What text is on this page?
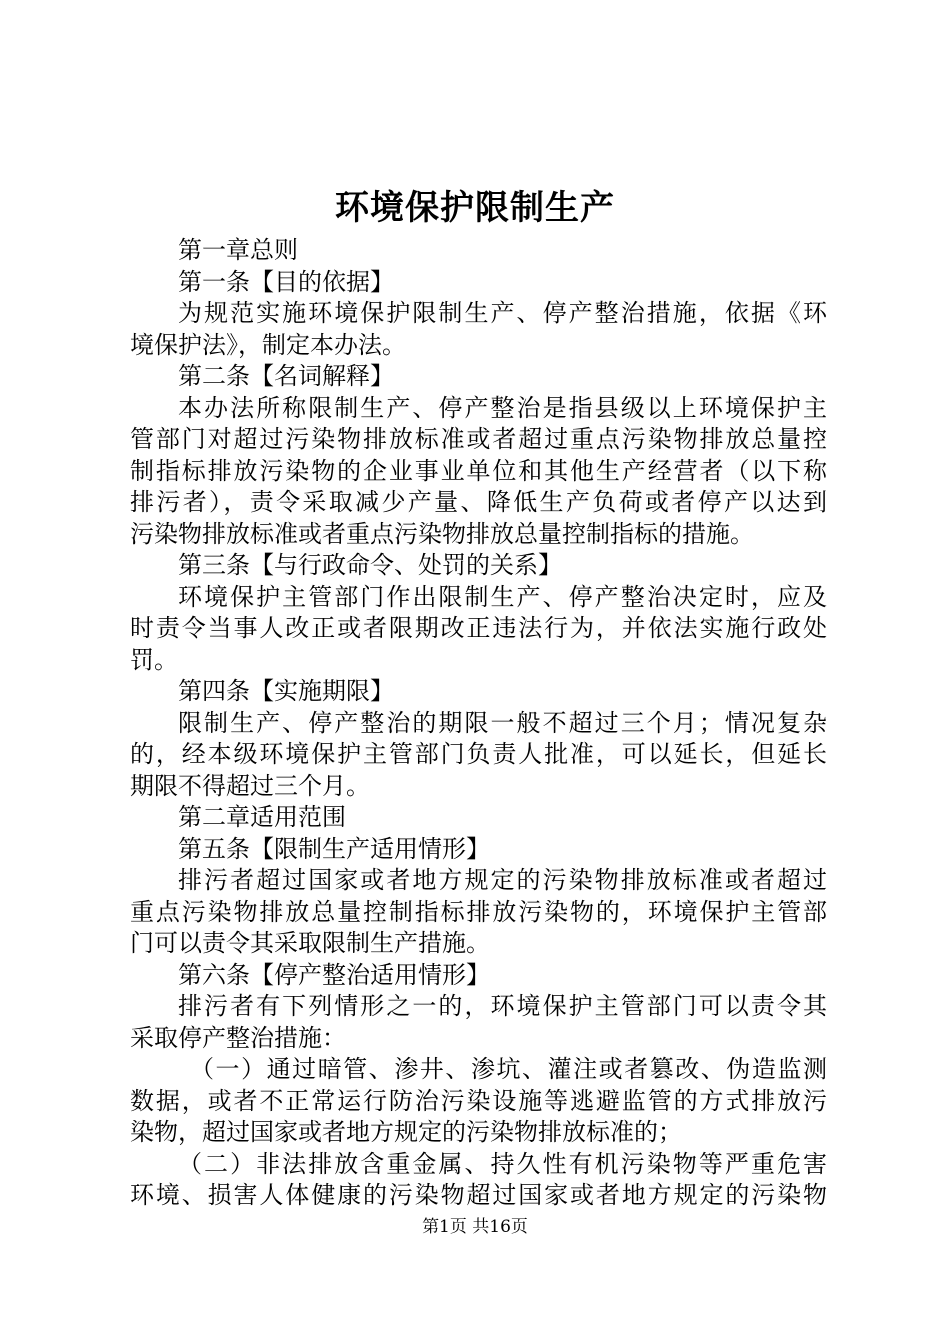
环境保护限制生产
第一章总则
第一条【目的依据】
为规范实施环境保护限制生产、停产整治措施，依据《环
境保护法》，制定本办法。
第二条【名词解释】
本办法所称限制生产、停产整治是指县级以上环境保护主
管部门对超过污染物排放标准或者超过重点污染物排放总量控
制指标排放污染物的企业事业单位和其他生产经营者（以下称
排污者），责令采取减少产量、降低生产负荷或者停产以达到
污染物排放标准或者重点污染物排放总量控制指标的措施。
第三条【与行政命令、处罚的关系】
环境保护主管部门作出限制生产、停产整治决定时，应及
时责令当事人改正或者限期改正违法行为，并依法实施行政处
罚。
第四条【实施期限】
限制生产、停产整治的期限一般不超过三个月；情况复杂
的，经本级环境保护主管部门负责人批准，可以延长，但延长
期限不得超过三个月。
第二章适用范围
第五条【限制生产适用情形】
排污者超过国家或者地方规定的污染物排放标准或者超过
重点污染物排放总量控制指标排放污染物的，环境保护主管部
门可以责令其采取限制生产措施。
第六条【停产整治适用情形】
排污者有下列情形之一的，环境保护主管部门可以责令其
采取停产整治措施：
（一）通过暗管、渗井、渗坑、灌注或者篡改、伪造监测
数据，或者不正常运行防治污染设施等逃避监管的方式排放污
染物，超过国家或者地方规定的污染物排放标准的；
（二）非法排放含重金属、持久性有机污染物等严重危害
环境、损害人体健康的污染物超过国家或者地方规定的污染物
第1页 共16页
